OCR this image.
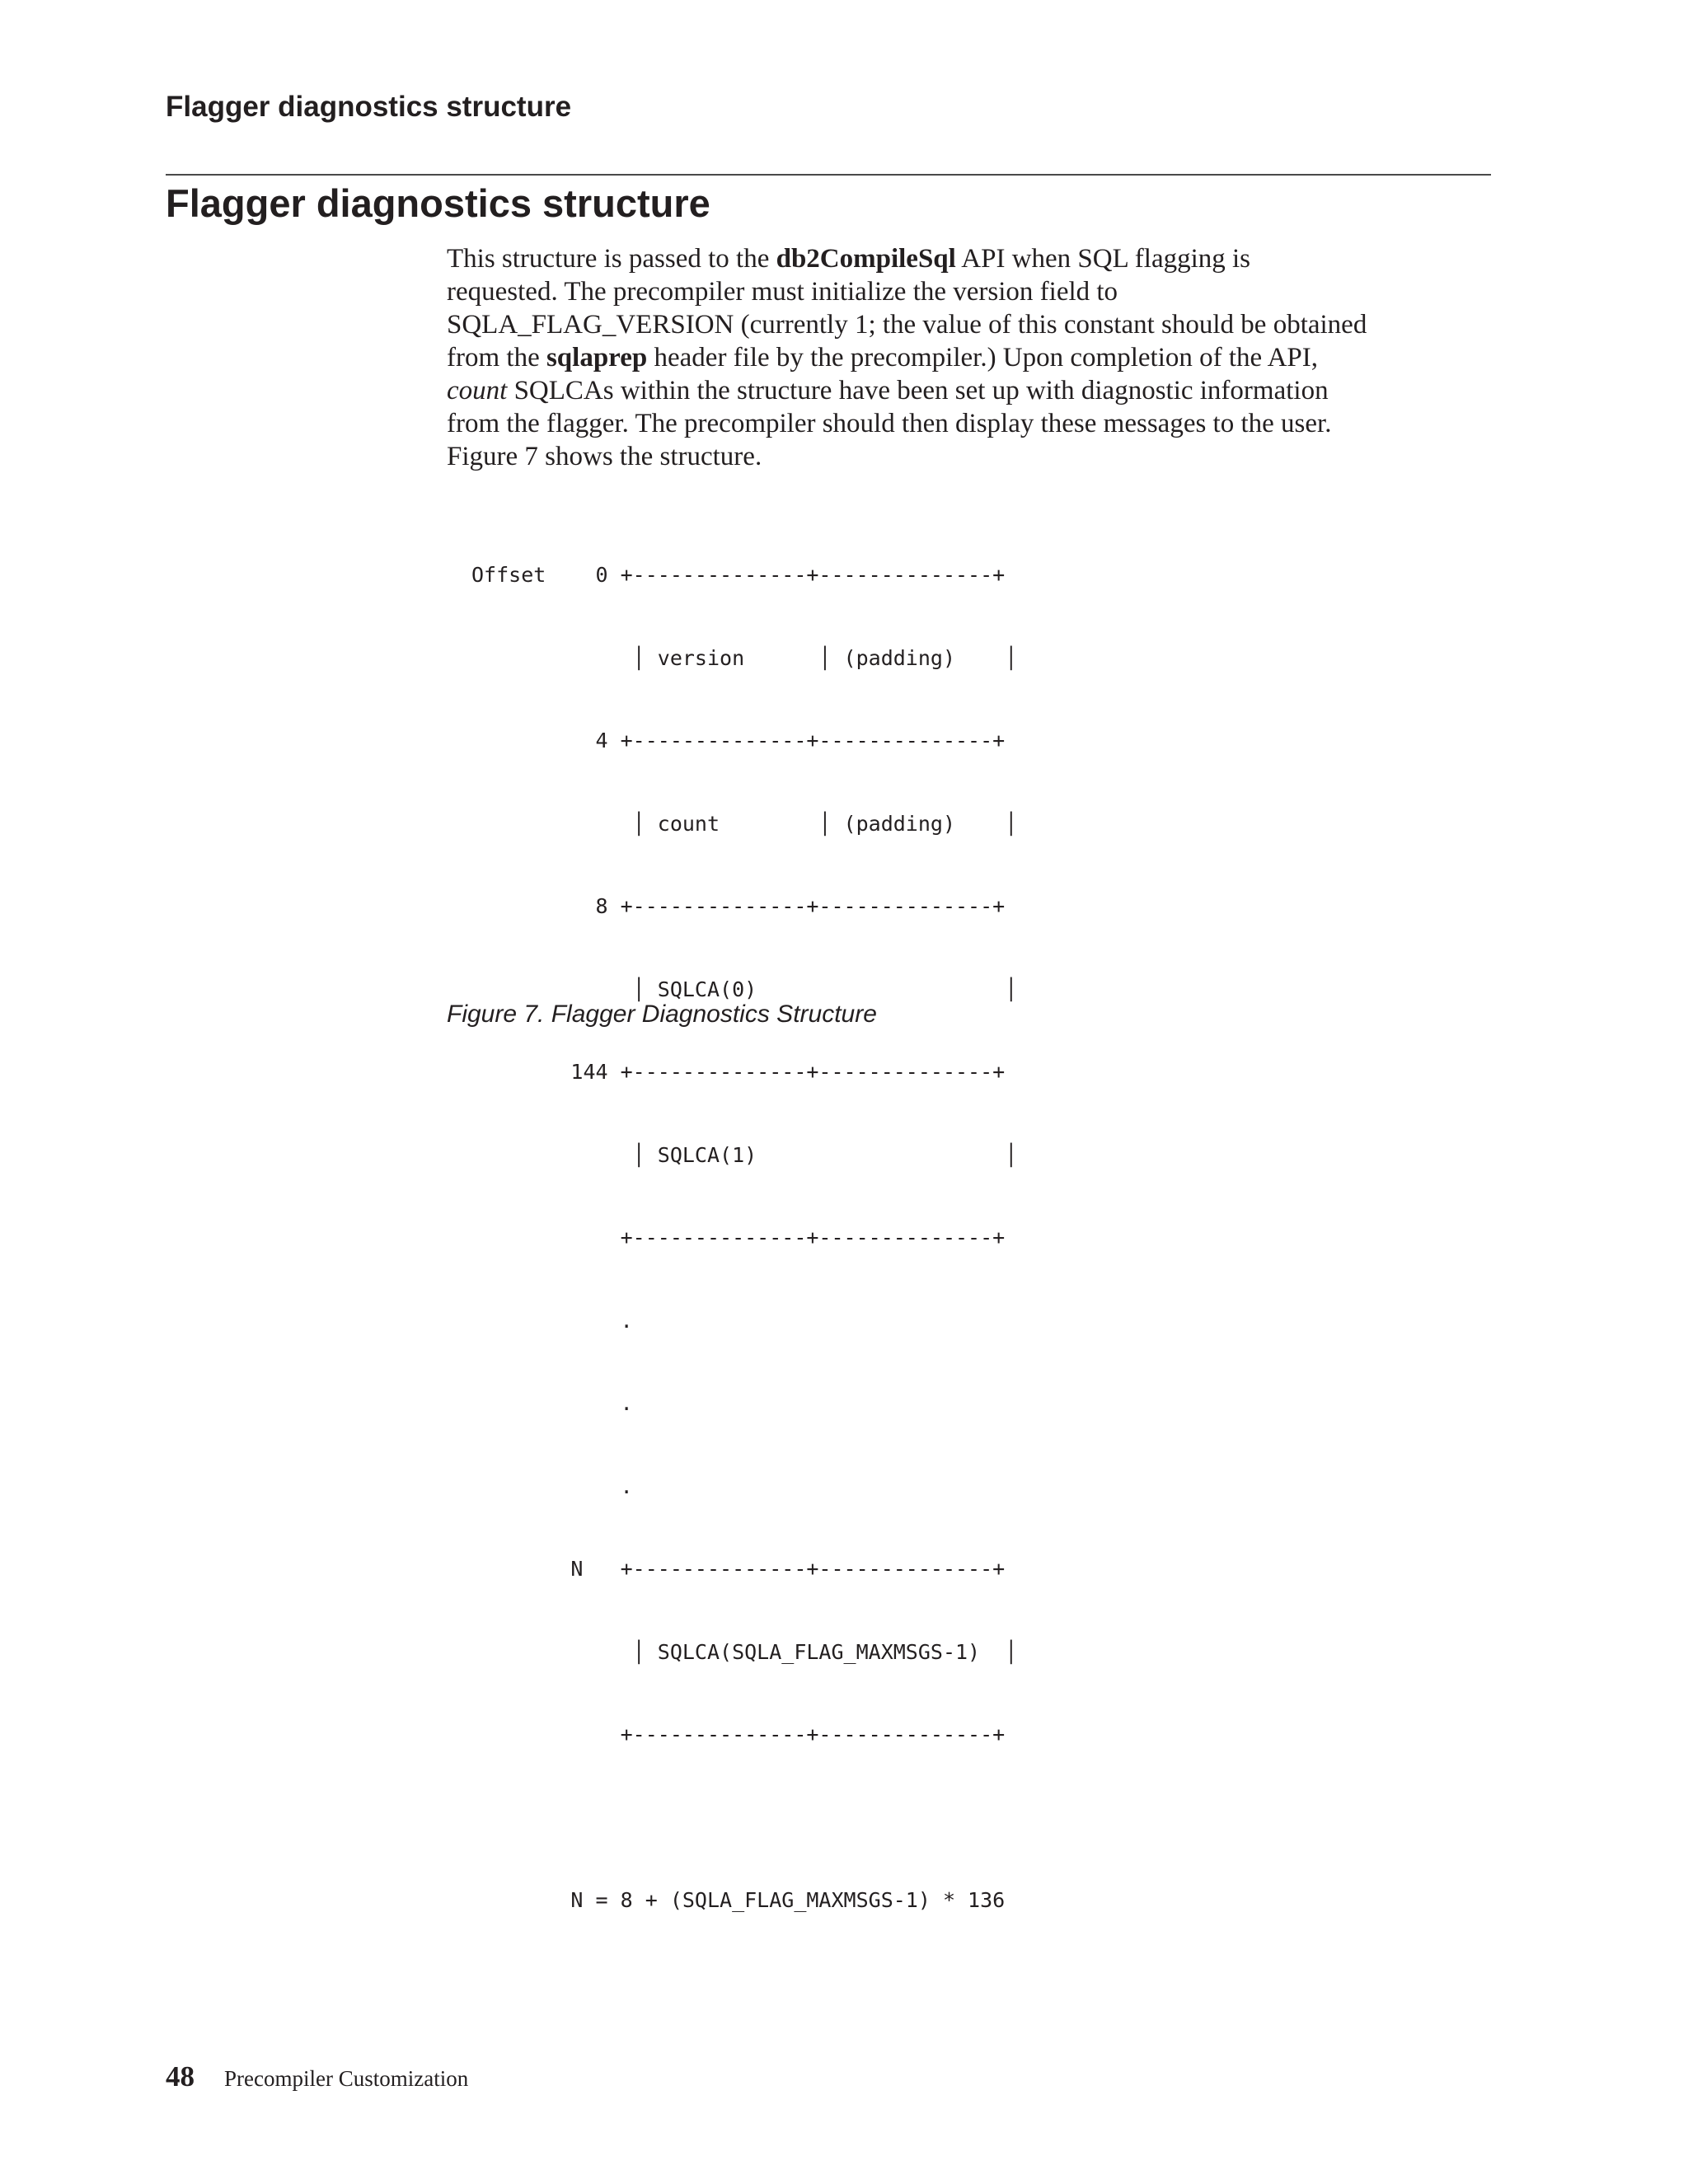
Flagger diagnostics structure
Flagger diagnostics structure

This structure is passed to the db2CompileSql API when SQL flagging is
requested. The precompiler must initialize the version field to
SQLA_FLAG_VERSION (currently 1; the value of this constant should be obtained
from the sqlaprep header file by the precompiler.) Upon completion of the API,
count SQLCAs within the structure have been set up with diagnostic information
from the flagger. The precompiler should then display these messages to the user.
Figure 7 shows the structure.

Offset    0 +--------------+--------------+

│ version      │ (padding)    │

4 +--------------+--------------+

│ count        │ (padding)    │

8 +--------------+--------------+

│ SQLCA(0)                    │

144 +--------------+--------------+

│ SQLCA(1)                    │

+--------------+--------------+

.

.

.

N   +--------------+--------------+

│ SQLCA(SQLA_FLAG_MAXMSGS-1)  │

+--------------+--------------+

N = 8 + (SQLA_FLAG_MAXMSGS-1) * 136

Figure 7. Flagger Diagnostics Structure

48 Precompiler Customization
